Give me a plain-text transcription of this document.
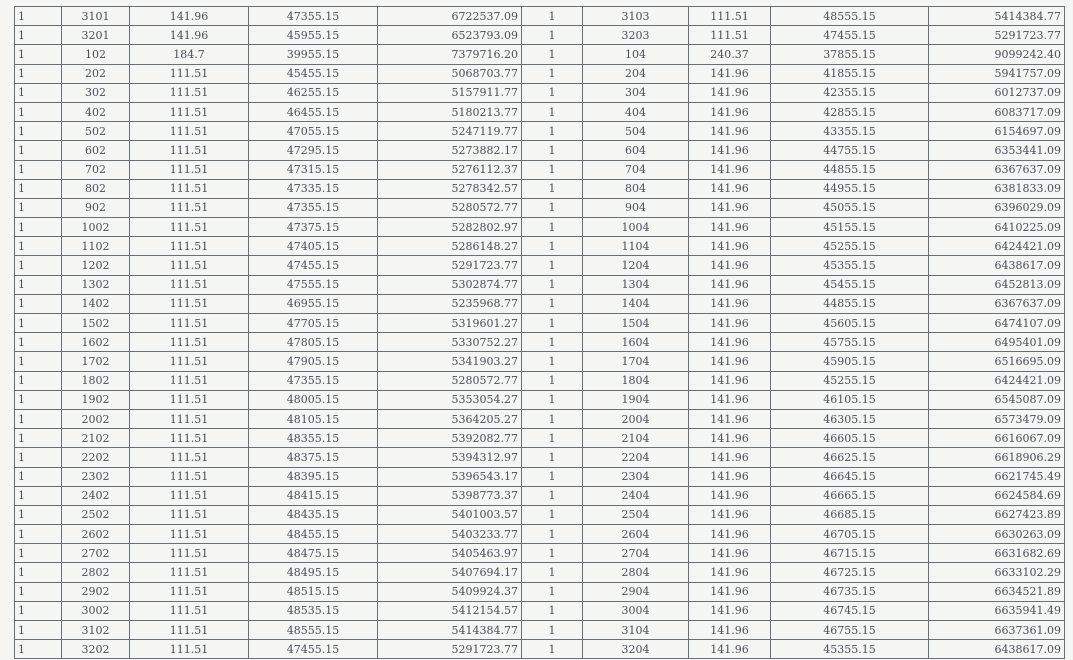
1	3101	141.96	47355.15	6722537.09	1	3103	111.51	48555.15	5414384.77
1	3201	141.96	45955.15	6523793.09	1	3203	111.51	47455.15	5291723.77
1	102	184.7	39955.15	7379716.20	1	104	240.37	37855.15	9099242.40
1	202	111.51	45455.15	5068703.77	1	204	141.96	41855.15	5941757.09
1	302	111.51	46255.15	5157911.77	1	304	141.96	42355.15	6012737.09
1	402	111.51	46455.15	5180213.77	1	404	141.96	42855.15	6083717.09
1	502	111.51	47055.15	5247119.77	1	504	141.96	43355.15	6154697.09
1	602	111.51	47295.15	5273882.17	1	604	141.96	44755.15	6353441.09
1	702	111.51	47315.15	5276112.37	1	704	141.96	44855.15	6367637.09
1	802	111.51	47335.15	5278342.57	1	804	141.96	44955.15	6381833.09
1	902	111.51	47355.15	5280572.77	1	904	141.96	45055.15	6396029.09
1	1002	111.51	47375.15	5282802.97	1	1004	141.96	45155.15	6410225.09
1	1102	111.51	47405.15	5286148.27	1	1104	141.96	45255.15	6424421.09
1	1202	111.51	47455.15	5291723.77	1	1204	141.96	45355.15	6438617.09
1	1302	111.51	47555.15	5302874.77	1	1304	141.96	45455.15	6452813.09
1	1402	111.51	46955.15	5235968.77	1	1404	141.96	44855.15	6367637.09
1	1502	111.51	47705.15	5319601.27	1	1504	141.96	45605.15	6474107.09
1	1602	111.51	47805.15	5330752.27	1	1604	141.96	45755.15	6495401.09
1	1702	111.51	47905.15	5341903.27	1	1704	141.96	45905.15	6516695.09
1	1802	111.51	47355.15	5280572.77	1	1804	141.96	45255.15	6424421.09
1	1902	111.51	48005.15	5353054.27	1	1904	141.96	46105.15	6545087.09
1	2002	111.51	48105.15	5364205.27	1	2004	141.96	46305.15	6573479.09
1	2102	111.51	48355.15	5392082.77	1	2104	141.96	46605.15	6616067.09
1	2202	111.51	48375.15	5394312.97	1	2204	141.96	46625.15	6618906.29
1	2302	111.51	48395.15	5396543.17	1	2304	141.96	46645.15	6621745.49
1	2402	111.51	48415.15	5398773.37	1	2404	141.96	46665.15	6624584.69
1	2502	111.51	48435.15	5401003.57	1	2504	141.96	46685.15	6627423.89
1	2602	111.51	48455.15	5403233.77	1	2604	141.96	46705.15	6630263.09
1	2702	111.51	48475.15	5405463.97	1	2704	141.96	46715.15	6631682.69
1	2802	111.51	48495.15	5407694.17	1	2804	141.96	46725.15	6633102.29
1	2902	111.51	48515.15	5409924.37	1	2904	141.96	46735.15	6634521.89
1	3002	111.51	48535.15	5412154.57	1	3004	141.96	46745.15	6635941.49
1	3102	111.51	48555.15	5414384.77	1	3104	141.96	46755.15	6637361.09
1	3202	111.51	47455.15	5291723.77	1	3204	141.96	45355.15	6438617.09
